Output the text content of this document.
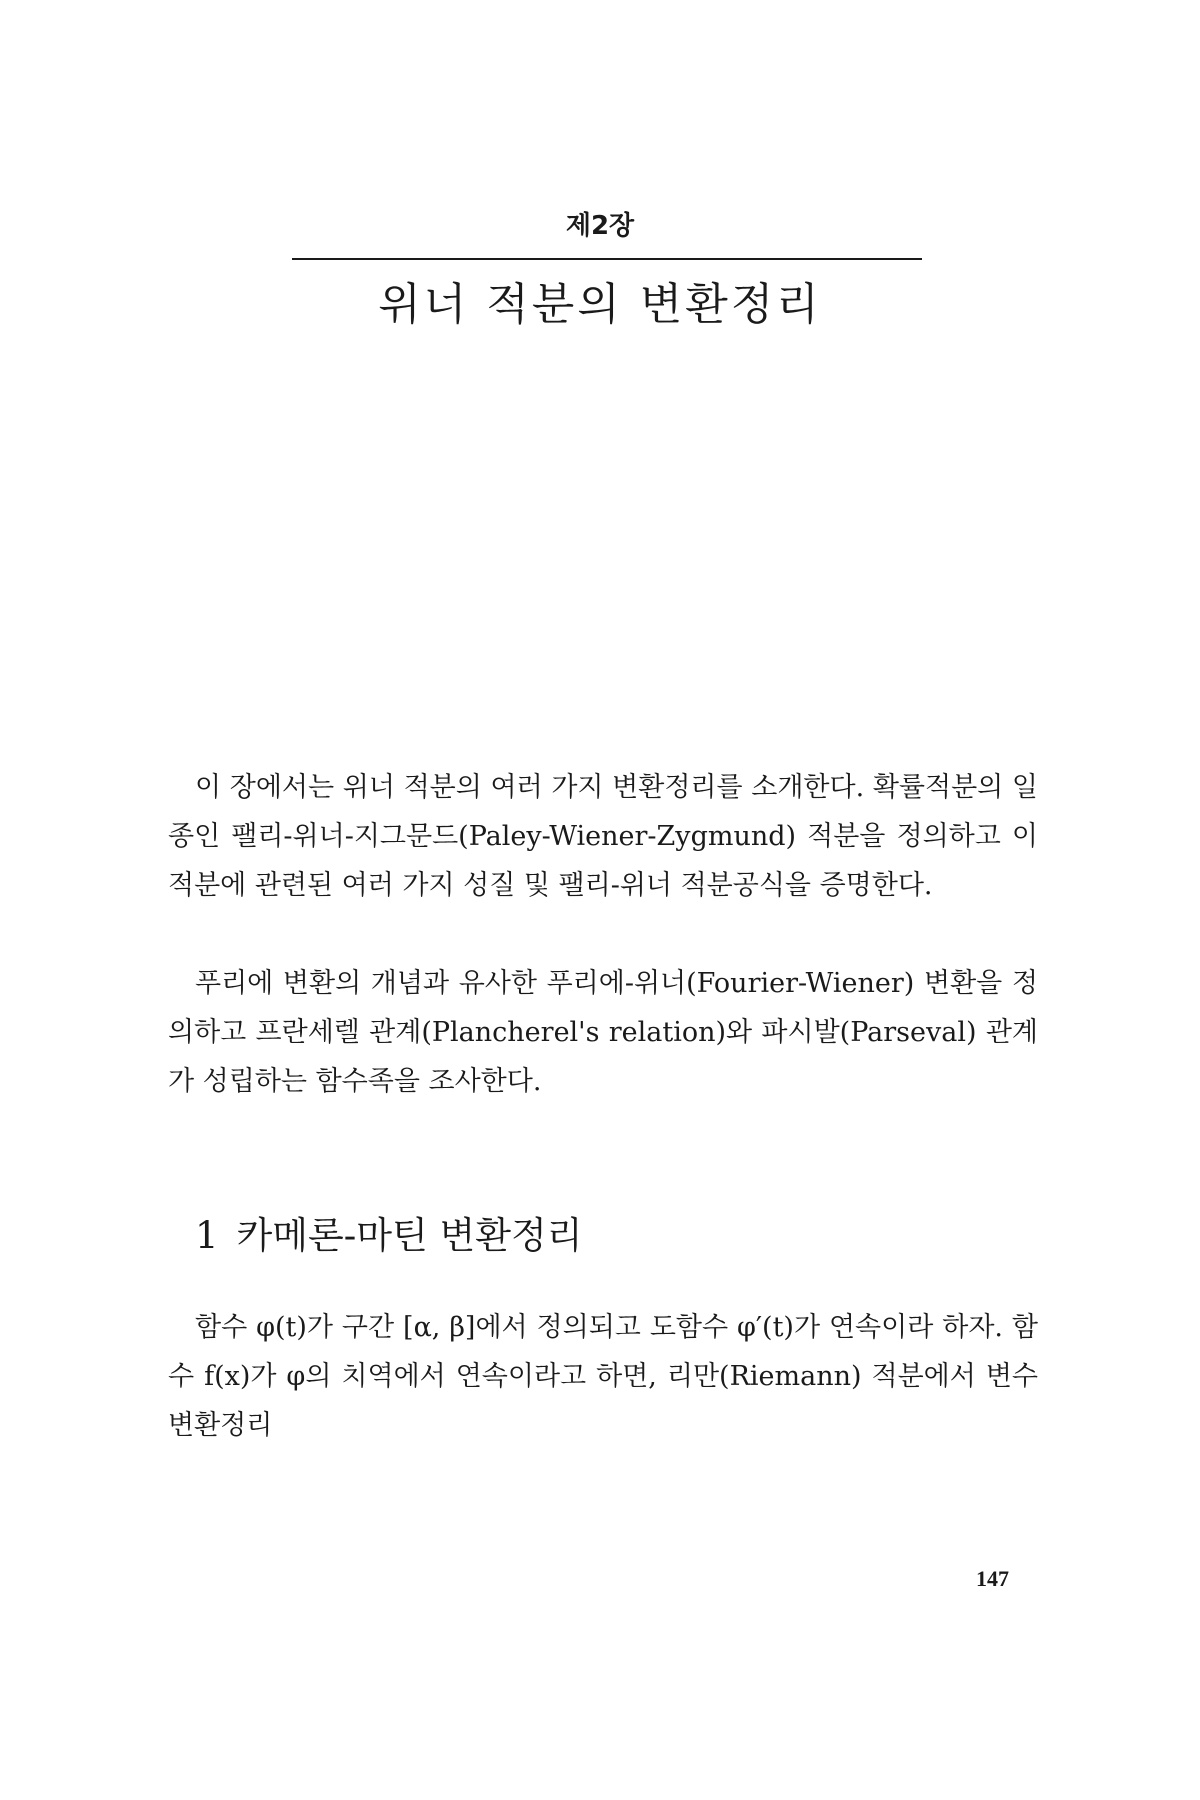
제2장
위너 적분의 변환정리

이 장에서는 위너 적분의 여러 가지 변환정리를 소개한다. 확률적분의 일종인 팰리-위너-지그문드(Paley-Wiener-Zygmund) 적분을 정의하고 이 적분에 관련된 여러 가지 성질 및 팰리-위너 적분공식을 증명한다.

푸리에 변환의 개념과 유사한 푸리에-위너(Fourier-Wiener) 변환을 정의하고 프란세렐 관계(Plancherel's relation)와 파시발(Parseval) 관계가 성립하는 함수족을 조사한다.

1 카메론-마틴 변환정리

함수 φ(t)가 구간 [α, β]에서 정의되고 도함수 φ′(t)가 연속이라 하자. 함수 f(x)가 φ의 치역에서 연속이라고 하면, 리만(Riemann) 적분에서 변수변환정리

147
